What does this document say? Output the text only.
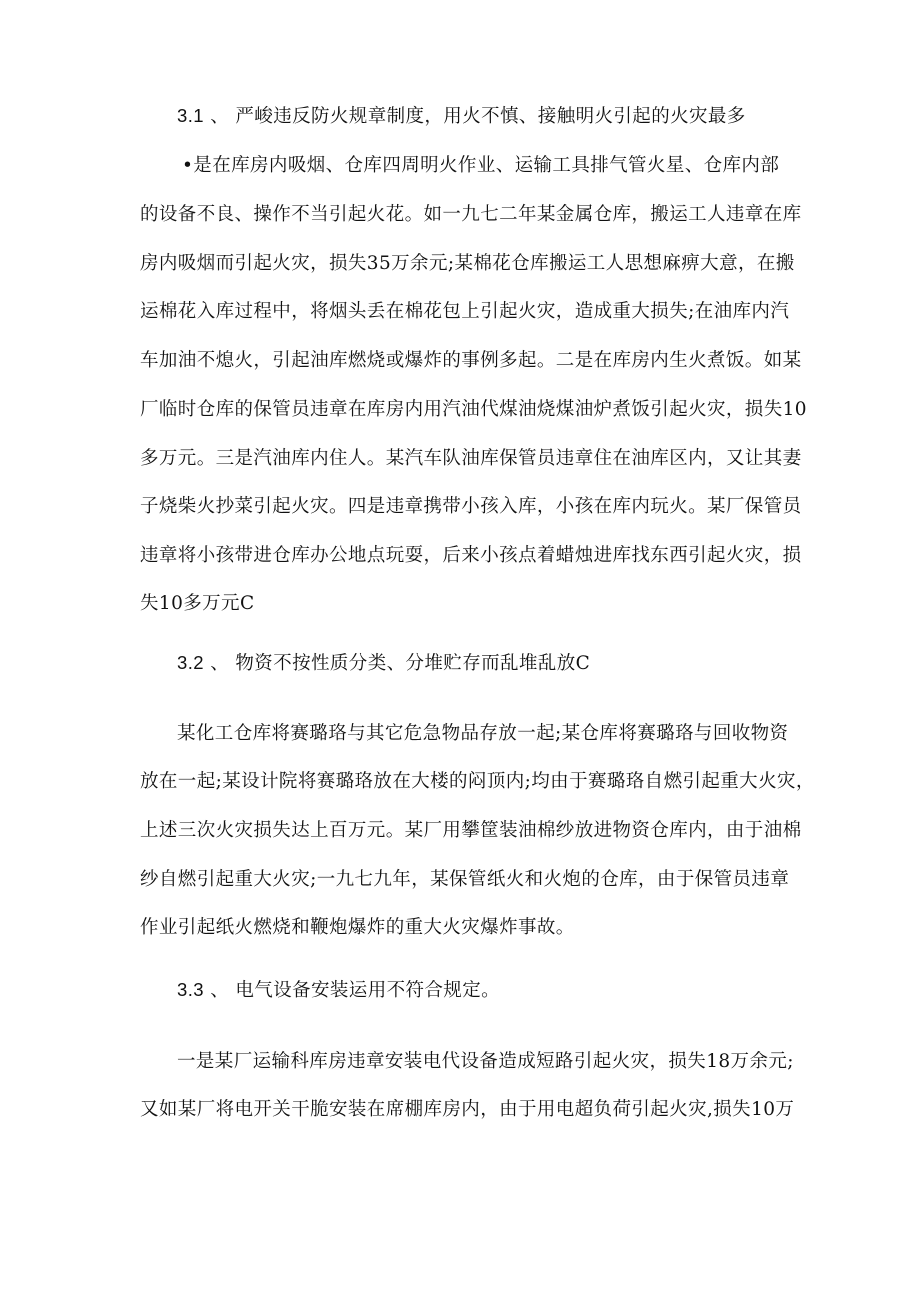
3.1 、 严峻违反防火规章制度，用火不慎、接触明火引起的火灾最多
•是在库房内吸烟、仓库四周明火作业、运输工具排气管火星、仓库内部
的设备不良、操作不当引起火花。如一九七二年某金属仓库，搬运工人违章在库
房内吸烟而引起火灾，损失35万余元;某棉花仓库搬运工人思想麻痹大意，在搬
运棉花入库过程中，将烟头丢在棉花包上引起火灾，造成重大损失;在油库内汽
车加油不熄火，引起油库燃烧或爆炸的事例多起。二是在库房内生火煮饭。如某
厂临时仓库的保管员违章在库房内用汽油代煤油烧煤油炉煮饭引起火灾，损失10
多万元。三是汽油库内住人。某汽车队油库保管员违章住在油库区内，又让其妻
子烧柴火抄菜引起火灾。四是违章携带小孩入库，小孩在库内玩火。某厂保管员
违章将小孩带进仓库办公地点玩耍，后来小孩点着蜡烛进库找东西引起火灾，损
失10多万元C
3.2 、 物资不按性质分类、分堆贮存而乱堆乱放C
某化工仓库将赛璐珞与其它危急物品存放一起;某仓库将赛璐珞与回收物资
放在一起;某设计院将赛璐珞放在大楼的闷顶内;均由于赛璐珞自燃引起重大火灾，
上述三次火灾损失达上百万元。某厂用攀筐装油棉纱放进物资仓库内，由于油棉
纱自燃引起重大火灾;一九七九年，某保管纸火和火炮的仓库，由于保管员违章
作业引起纸火燃烧和鞭炮爆炸的重大火灾爆炸事故。
3.3 、 电气设备安装运用不符合规定。
一是某厂运输科库房违章安装电代设备造成短路引起火灾，损失18万余元;
又如某厂将电开关干脆安装在席棚库房内，由于用电超负荷引起火灾,损失10万
